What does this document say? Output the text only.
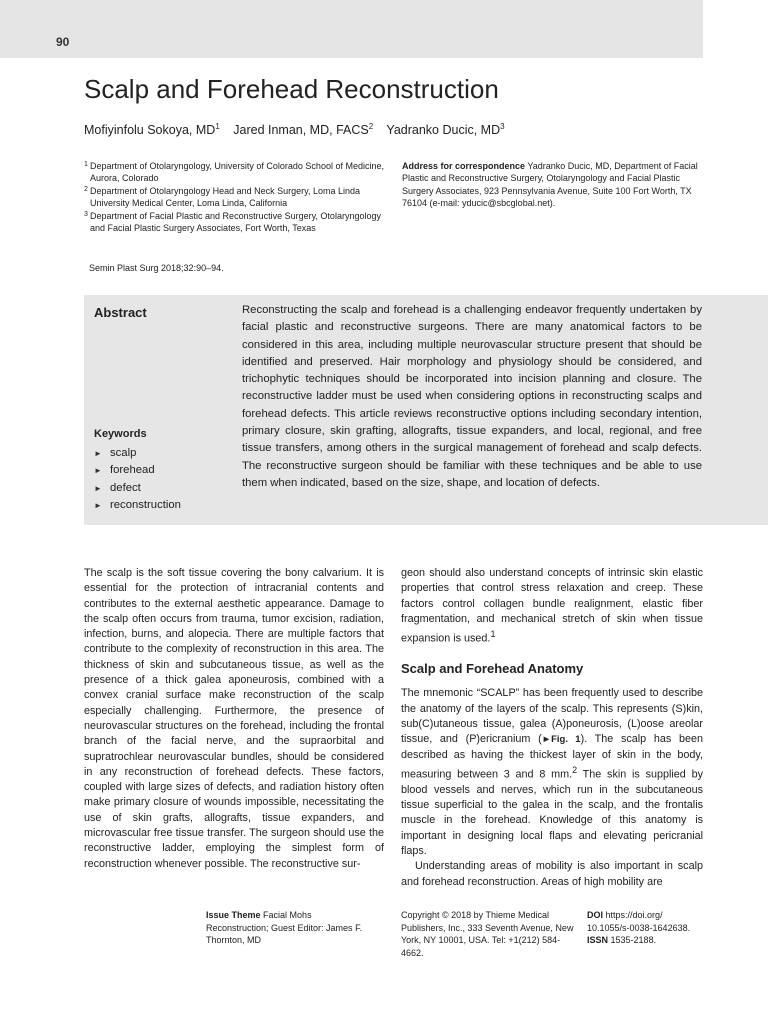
90
Scalp and Forehead Reconstruction
Mofiyinfolu Sokoya, $MD^1$ Jared Inman, MD, FACS$^2$ Yadranko Ducic, $MD^3$
1 Department of Otolaryngology, University of Colorado School of Medicine, Aurora, Colorado
2 Department of Otolaryngology Head and Neck Surgery, Loma Linda University Medical Center, Loma Linda, California
3 Department of Facial Plastic and Reconstructive Surgery, Otolaryngology and Facial Plastic Surgery Associates, Fort Worth, Texas
Address for correspondence Yadranko Ducic, MD, Department of Facial Plastic and Reconstructive Surgery, Otolaryngology and Facial Plastic Surgery Associates, 923 Pennsylvania Avenue, Suite 100 Fort Worth, TX 76104 (e-mail: yducic@sbcglobal.net).
Semin Plast Surg 2018;32:90–94.
Abstract	Reconstructing the scalp and forehead is a challenging endeavor frequently undertaken by facial plastic and reconstructive surgeons. There are many anatomical factors to be considered in this area, including multiple neurovascular structure present that should be identified and preserved. Hair morphology and physiology should be considered, and trichophytic techniques should be incorporated into incision planning and closure. The reconstructive ladder must be used when considering options in reconstructing scalps and forehead defects. This article reviews reconstructive options including secondary intention, primary closure, skin grafting, allografts, tissue expanders, and local, regional, and free tissue transfers, among others in the surgical management of forehead and scalp defects. The reconstructive surgeon should be familiar with these techniques and be able to use them when indicated, based on the size, shape, and location of defects.
Keywords
► scalp
► forehead
► defect
► reconstruction

The scalp is the soft tissue covering the bony calvarium. It is essential for the protection of intracranial contents and contributes to the external aesthetic appearance. Damage to the scalp often occurs from trauma, tumor excision, radiation, infection, burns, and alopecia. There are multiple factors that contribute to the complexity of reconstruction in this area. The thickness of skin and subcutaneous tissue, as well as the presence of a thick galea aponeurosis, combined with a convex cranial surface make reconstruction of the scalp especially challenging. Furthermore, the presence of neurovascular structures on the forehead, including the frontal branch of the facial nerve, and the supraorbital and supratrochlear neurovascular bundles, should be considered in any reconstruction of forehead defects. These factors, coupled with large sizes of defects, and radiation history often make primary closure of wounds impossible, necessitating the use of skin grafts, allografts, tissue expanders, and microvascular free tissue transfer. The surgeon should use the reconstructive ladder, employing the simplest form of reconstruction whenever possible. The reconstructive sur-

geon should also understand concepts of intrinsic skin elastic properties that control stress relaxation and creep. These factors control collagen bundle realignment, elastic fiber fragmentation, and mechanical stretch of skin when tissue expansion is used.$^1$

Scalp and Forehead Anatomy

The mnemonic “SCALP” has been frequently used to describe the anatomy of the layers of the scalp. This represents (S)kin, sub(C)utaneous tissue, galea (A)poneurosis, (L)oose areolar tissue, and (P)ericranium (►Fig. 1). The scalp has been described as having the thickest layer of skin in the body, measuring between 3 and 8 mm.$^2$ The skin is supplied by blood vessels and nerves, which run in the subcutaneous tissue superficial to the galea in the scalp, and the frontalis muscle in the forehead. Knowledge of this anatomy is important in designing local flaps and elevating pericranial flaps.

Understanding areas of mobility is also important in scalp and forehead reconstruction. Areas of high mobility are

Issue Theme Facial Mohs Reconstruction; Guest Editor: James F. Thornton, MD
Copyright © 2018 by Thieme Medical Publishers, Inc., 333 Seventh Avenue, New York, NY 10001, USA. Tel: +1(212) 584-4662.
DOI https://doi.org/ 10.1055/s-0038-1642638.
ISSN 1535-2188.
